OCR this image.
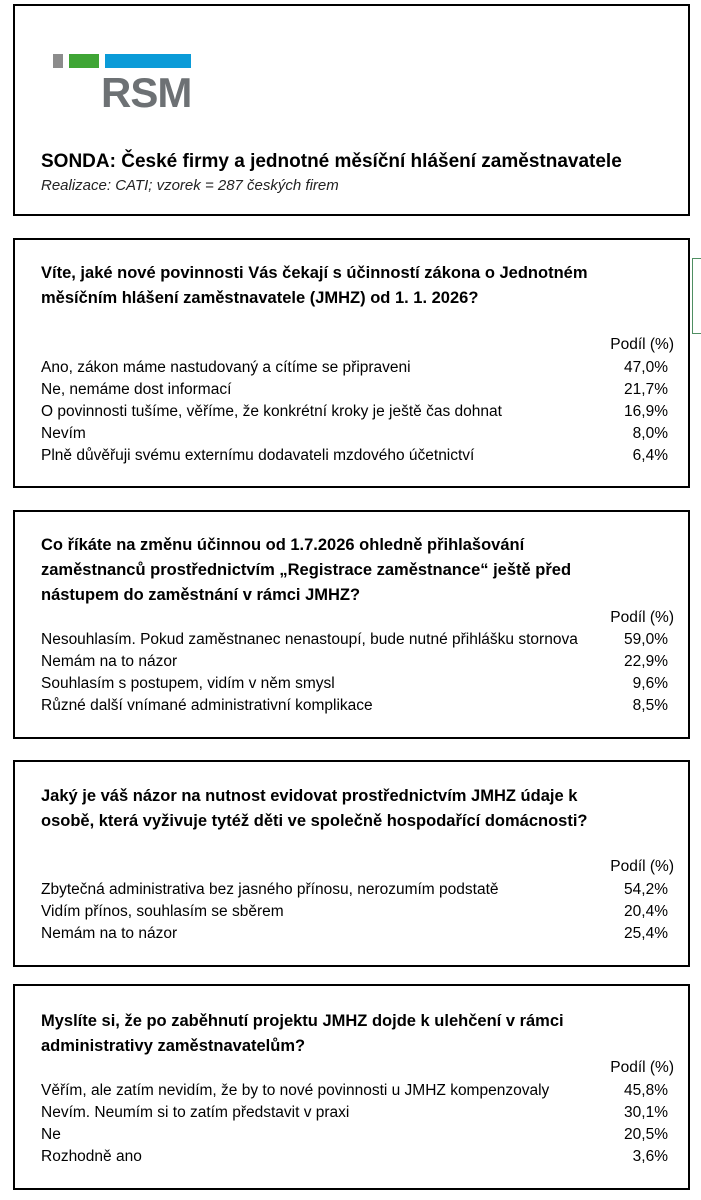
RSM
SONDA: České firmy a jednotné měsíční hlášení zaměstnavatele
Realizace: CATI; vzorek = 287 českých firem
Víte, jaké nové povinnosti Vás čekají s účinností zákona o Jednotném měsíčním hlášení zaměstnavatele (JMHZ) od 1. 1. 2026?
Podíl (%)
Ano, zákon máme nastudovaný a cítíme se připraveni	47,0%
Ne, nemáme dost informací	21,7%
O povinnosti tušíme, věříme, že konkrétní kroky je ještě čas dohnat	16,9%
Nevím	8,0%
Plně důvěřuji svému externímu dodavateli mzdového účetnictví	6,4%
Co říkáte na změnu účinnou od 1.7.2026 ohledně přihlašování zaměstnanců prostřednictvím „Registrace zaměstnance“ ještě před nástupem do zaměstnání v rámci JMHZ?
Podíl (%)
Nesouhlasím. Pokud zaměstnanec nenastoupí, bude nutné přihlášku stornova	59,0%
Nemám na to názor	22,9%
Souhlasím s postupem, vidím v něm smysl	9,6%
Různé další vnímané administrativní komplikace	8,5%
Jaký je váš názor na nutnost evidovat prostřednictvím JMHZ údaje k osobě, která vyživuje tytéž děti ve společně hospodařící domácnosti?
Podíl (%)
Zbytečná administrativa bez jasného přínosu, nerozumím podstatě	54,2%
Vidím přínos, souhlasím se sběrem	20,4%
Nemám na to názor	25,4%
Myslíte si, že po zaběhnutí projektu JMHZ dojde k ulehčení v rámci administrativy zaměstnavatelům?
Podíl (%)
Věřím, ale zatím nevidím, že by to nové povinnosti u JMHZ kompenzovaly	45,8%
Nevím. Neumím si to zatím představit v praxi	30,1%
Ne	20,5%
Rozhodně ano	3,6%
